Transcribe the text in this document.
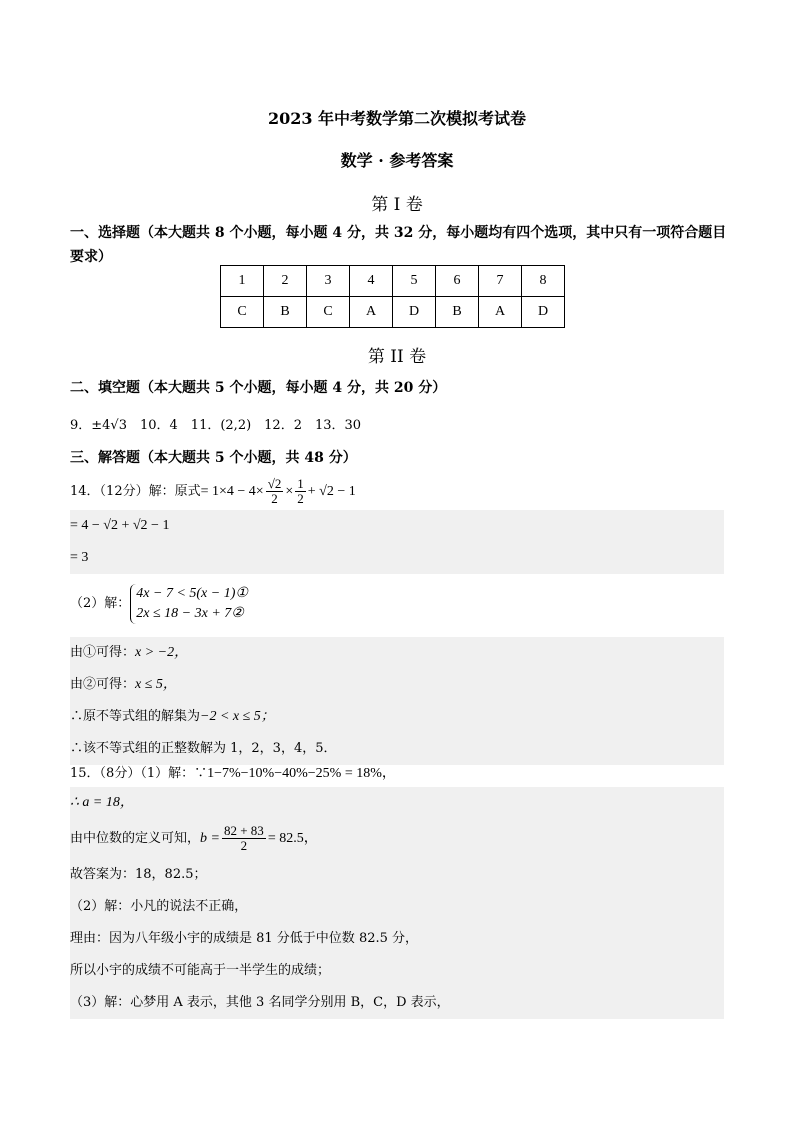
2023 年中考数学第二次模拟考试卷
数学 · 参考答案
第 I 卷
一、选择题（本大题共 8 个小题，每小题 4 分，共 32 分，每小题均有四个选项，其中只有一项符合题目要求）
1	2	3	4	5	6	7	8
C	B	C	A	D	B	A	D
第 II 卷
二、填空题（本大题共 5 个小题，每小题 4 分，共 20 分）
9．±4√3　10．4　11．(2,2)　12．2　13．30
三、解答题（本大题共 5 个小题，共 48 分）
14．（12分）解：原式= $1\times 4 - 4\times \frac{√2}{2} \times \frac{1}{2} + √2 - 1$
= 4 − √2 + √2 − 1
= 3
（2）解：
4x − 7 < 5(x − 1)①
2x ≤ 18 − 3x + 7②
由①可得：x > −2，
由②可得：x ≤ 5，
∴原不等式组的解集为−2 < x ≤ 5；
∴该不等式组的正整数解为 1，2，3，4，5．
15．（8分）（1）解：∵1−7%−10%−40%−25% = 18%，
∴ a = 18，
由中位数的定义可知，$b = \frac{82 + 83}{2} = 82.5$，
故答案为：18，82.5；
（2）解：小凡的说法不正确，
理由：因为八年级小宇的成绩是 81 分低于中位数 82.5 分，
所以小宇的成绩不可能高于一半学生的成绩；
（3）解：心梦用 A 表示，其他 3 名同学分别用 B，C，D 表示，
